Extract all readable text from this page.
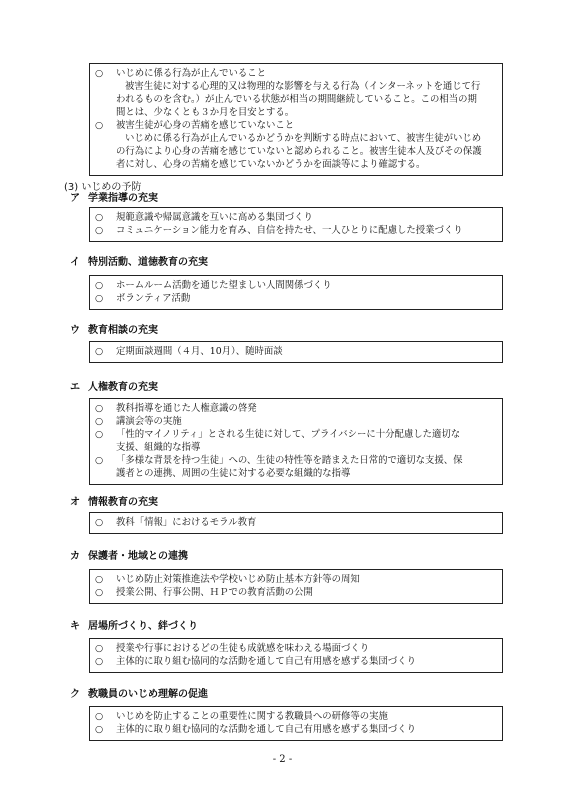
○ いじめに係る行為が止んでいること
被害生徒に対する心理的又は物理的な影響を与える行為（インターネットを通じて行
われるものを含む。）が止んでいる状態が相当の期間継続していること。この相当の期
間とは、少なくとも３か月を目安とする。
○ 被害生徒が心身の苦痛を感じていないこと
いじめに係る行為が止んでいるかどうかを判断する時点において、被害生徒がいじめ
の行為により心身の苦痛を感じていないと認められること。被害生徒本人及びその保護
者に対し、心身の苦痛を感じていないかどうかを面談等により確認する。
(3) いじめの予防
ア 学業指導の充実
○ 規範意識や帰属意識を互いに高める集団づくり
○ コミュニケーション能力を育み、自信を持たせ、一人ひとりに配慮した授業づくり
イ 特別活動、道徳教育の充実
○ ホームルーム活動を通じた望ましい人間関係づくり
○ ボランティア活動
ウ 教育相談の充実
○ 定期面談週間（４月、10月）、随時面談
エ 人権教育の充実
○ 教科指導を通じた人権意識の啓発
○ 講演会等の実施
○ 「性的マイノリティ」とされる生徒に対して、プライバシーに十分配慮した適切な
支援、組織的な指導
○ 「多様な背景を持つ生徒」への、生徒の特性等を踏まえた日常的で適切な支援、保
護者との連携、周囲の生徒に対する必要な組織的な指導
オ 情報教育の充実
○ 教科「情報」におけるモラル教育
カ 保護者・地域との連携
○ いじめ防止対策推進法や学校いじめ防止基本方針等の周知
○ 授業公開、行事公開、ＨＰでの教育活動の公開
キ 居場所づくり、絆づくり
○ 授業や行事におけるどの生徒も成就感を味わえる場面づくり
○ 主体的に取り組む協同的な活動を通して自己有用感を感ずる集団づくり
ク 教職員のいじめ理解の促進
○ いじめを防止することの重要性に関する教職員への研修等の実施
○ 主体的に取り組む協同的な活動を通して自己有用感を感ずる集団づくり
- 2 -
